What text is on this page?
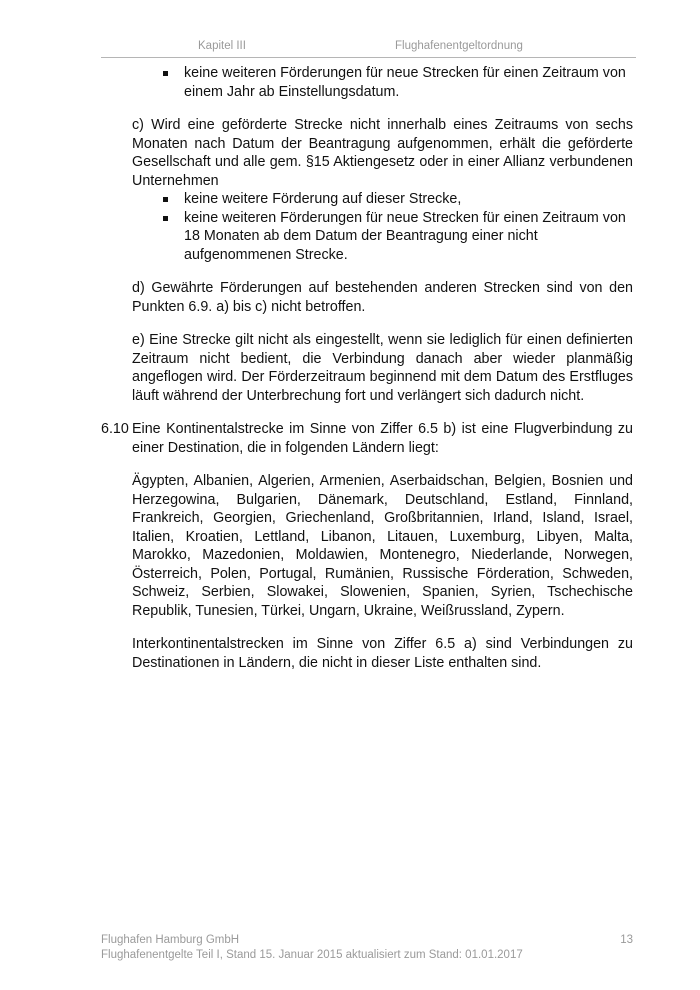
Kapitel III	Flughafenentgeltordnung
keine weiteren Förderungen für neue Strecken für einen Zeitraum von einem Jahr ab Einstellungsdatum.

c) Wird eine geförderte Strecke nicht innerhalb eines Zeitraums von sechs Monaten nach Datum der Beantragung aufgenommen, erhält die geförderte Gesellschaft und alle gem. §15 Aktiengesetz oder in einer Allianz verbundenen Unternehmen

keine weitere Förderung auf dieser Strecke,
keine weiteren Förderungen für neue Strecken für einen Zeitraum von 18 Monaten ab dem Datum der Beantragung einer nicht aufgenommenen Strecke.

d) Gewährte Förderungen auf bestehenden anderen Strecken sind von den Punkten 6.9. a) bis c) nicht betroffen.

e) Eine Strecke gilt nicht als eingestellt, wenn sie lediglich für einen definierten Zeitraum nicht bedient, die Verbindung danach aber wieder planmäßig angeflogen wird. Der Förderzeitraum beginnend mit dem Datum des Erstfluges läuft während der Unterbrechung fort und verlängert sich dadurch nicht.

6.10 Eine Kontinentalstrecke im Sinne von Ziffer 6.5 b) ist eine Flugverbindung zu einer Destination, die in folgenden Ländern liegt:

Ägypten, Albanien, Algerien, Armenien, Aserbaidschan, Belgien, Bosnien und Herzegowina, Bulgarien, Dänemark, Deutschland, Estland, Finnland, Frankreich, Georgien, Griechenland, Großbritannien, Irland, Island, Israel, Italien, Kroatien, Lettland, Libanon, Litauen, Luxemburg, Libyen, Malta, Marokko, Mazedonien, Moldawien, Montenegro, Niederlande, Norwegen, Österreich, Polen, Portugal, Rumänien, Russische Förderation, Schweden, Schweiz, Serbien, Slowakei, Slowenien, Spanien, Syrien, Tschechische Republik, Tunesien, Türkei, Ungarn, Ukraine, Weißrussland, Zypern.

Interkontinentalstrecken im Sinne von Ziffer 6.5 a) sind Verbindungen zu Destinationen in Ländern, die nicht in dieser Liste enthalten sind.

Flughafen Hamburg GmbH
Flughafenentgelte Teil I, Stand 15. Januar 2015 aktualisiert zum Stand: 01.01.2017
13
